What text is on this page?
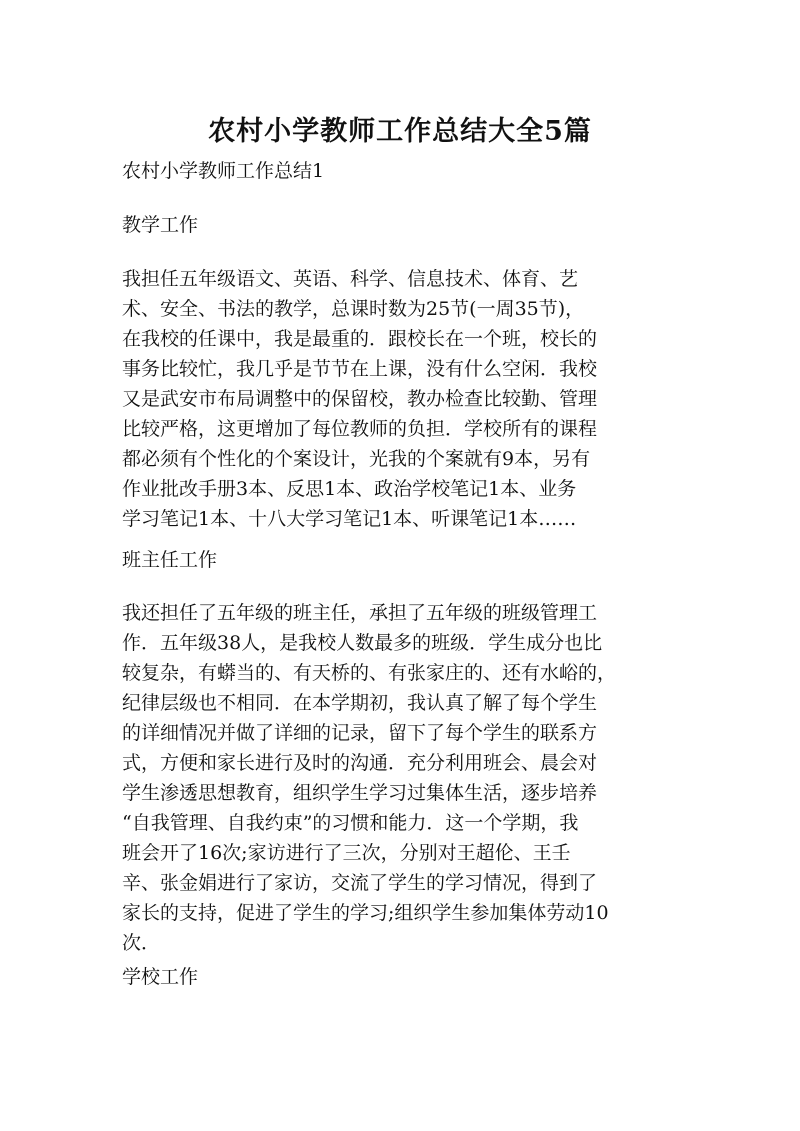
农村小学教师工作总结大全5篇

农村小学教师工作总结1

教学工作

我担任五年级语文、英语、科学、信息技术、体育、艺
术、安全、书法的教学，总课时数为25节(一周35节)，
在我校的任课中，我是最重的．跟校长在一个班，校长的
事务比较忙，我几乎是节节在上课，没有什么空闲．我校
又是武安市布局调整中的保留校，教办检查比较勤、管理
比较严格，这更增加了每位教师的负担．学校所有的课程
都必须有个性化的个案设计，光我的个案就有9本，另有
作业批改手册3本、反思1本、政治学校笔记1本、业务
学习笔记1本、十八大学习笔记1本、听课笔记1本……

班主任工作

我还担任了五年级的班主任，承担了五年级的班级管理工
作．五年级38人，是我校人数最多的班级．学生成分也比
较复杂，有蟒当的、有天桥的、有张家庄的、还有水峪的，
纪律层级也不相同．在本学期初，我认真了解了每个学生
的详细情况并做了详细的记录，留下了每个学生的联系方
式，方便和家长进行及时的沟通．充分利用班会、晨会对
学生渗透思想教育，组织学生学习过集体生活，逐步培养
“自我管理、自我约束”的习惯和能力．这一个学期，我
班会开了16次;家访进行了三次，分别对王超伦、王壬
辛、张金娟进行了家访，交流了学生的学习情况，得到了
家长的支持，促进了学生的学习;组织学生参加集体劳动10
次．

学校工作
